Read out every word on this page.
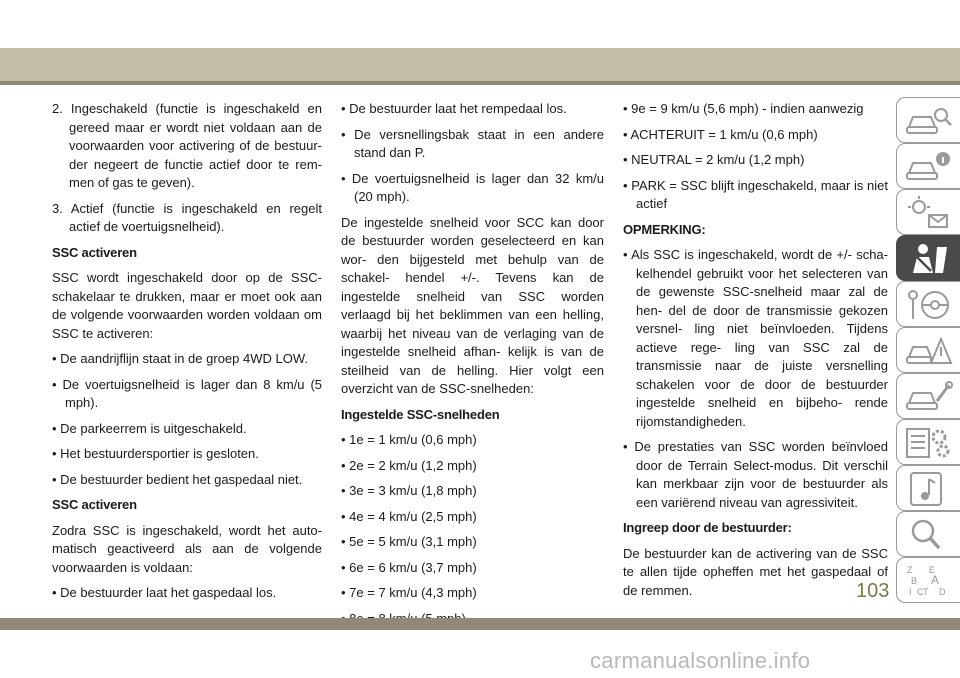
2. Ingeschakeld (functie is ingeschakeld en gereed maar er wordt niet voldaan aan de voorwaarden voor activering of de bestuur- der negeert de functie actief door te rem- men of gas te geven).

3. Actief (functie is ingeschakeld en regelt actief de voertuigsnelheid).

SSC activeren

SSC wordt ingeschakeld door op de SSC- schakelaar te drukken, maar er moet ook aan de volgende voorwaarden worden voldaan om SSC te activeren:

• De aandrijflijn staat in de groep 4WD LOW.

• De voertuigsnelheid is lager dan 8 km/u (5 mph).

• De parkeerrem is uitgeschakeld.

• Het bestuurdersportier is gesloten.

• De bestuurder bedient het gaspedaal niet.

SSC activeren

Zodra SSC is ingeschakeld, wordt het auto- matisch geactiveerd als aan de volgende voorwaarden is voldaan:

• De bestuurder laat het gaspedaal los.

• De bestuurder laat het rempedaal los.

• De versnellingsbak staat in een andere stand dan P.

• De voertuigsnelheid is lager dan 32 km/u (20 mph).

De ingestelde snelheid voor SCC kan door de bestuurder worden geselecteerd en kan wor- den bijgesteld met behulp van de schakel- hendel +/-. Tevens kan de ingestelde snelheid van SSC worden verlaagd bij het beklimmen van een helling, waarbij het niveau van de verlaging van de ingestelde snelheid afhan- kelijk is van de steilheid van de helling. Hier volgt een overzicht van de SSC-snelheden:

Ingestelde SSC-snelheden

• 1e = 1 km/u (0,6 mph)

• 2e = 2 km/u (1,2 mph)

• 3e = 3 km/u (1,8 mph)

• 4e = 4 km/u (2,5 mph)

• 5e = 5 km/u (3,1 mph)

• 6e = 6 km/u (3,7 mph)

• 7e = 7 km/u (4,3 mph)

• 9e = 9 km/u (5,6 mph) - indien aanwezig

• ACHTERUIT = 1 km/u (0,6 mph)

• NEUTRAL = 2 km/u (1,2 mph)

• PARK = SSC blijft ingeschakeld, maar is niet actief

OPMERKING:

• Als SSC is ingeschakeld, wordt de +/- scha- kelhendel gebruikt voor het selecteren van de gewenste SSC-snelheid maar zal de hen- del de door de transmissie gekozen versnel- ling niet beïnvloeden. Tijdens actieve rege- ling van SSC zal de transmissie naar de juiste versnelling schakelen voor de door de bestuurder ingestelde snelheid en bijbeho- rende rijomstandigheden.

• De prestaties van SSC worden beïnvloed door de Terrain Select-modus. Dit verschil kan merkbaar zijn voor de bestuurder als een variërend niveau van agressiviteit.

Ingreep door de bestuurder:

De bestuurder kan de activering van de SSC te allen tijde opheffen met het gaspedaal of de remmen.

Z E
B A
I C T D
103
carmanualsonline.info
